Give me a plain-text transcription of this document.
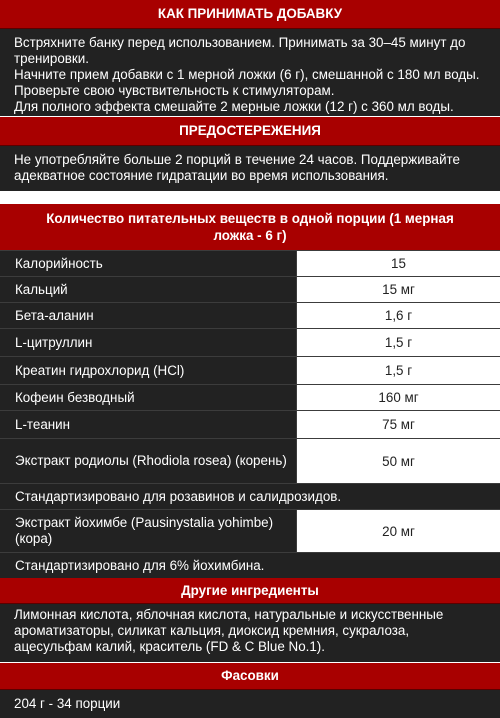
КАК ПРИНИМАТЬ ДОБАВКУ

Встряхните банку перед использованием. Принимать за 30–45 минут до тренировки.

Начните прием добавки с 1 мерной ложки (6 г), смешанной с 180 мл воды. Проверьте свою чувствительность к стимуляторам.

Для полного эффекта смешайте 2 мерные ложки (12 г) с 360 мл воды.

ПРЕДОСТЕРЕЖЕНИЯ

Не употребляйте больше 2 порций в течение 24 часов. Поддерживайте адекватное состояние гидратации во время использования.

Количество питательных веществ в одной порции (1 мерная ложка - 6 г)
Калорийность	15
Кальций	15 мг
Бета-аланин	1,6 г
L-цитруллин	1,5 г
Креатин гидрохлорид (HCl)	1,5 г
Кофеин безводный	160 мг
L-теанин	75 мг
Экстракт родиолы (Rhodiola rosea) (корень)	50 мг
Стандартизировано для розавинов и салидрозидов.
Экстракт йохимбе (Pausinystalia yohimbe) (кора)	20 мг
Стандартизировано для 6% йохимбина.
Другие ингредиенты

Лимонная кислота, яблочная кислота, натуральные и искусственные ароматизаторы, силикат кальция, диоксид кремния, сукралоза, ацесульфам калий, краситель (FD & C Blue No.1).

Фасовки

204 г - 34 порции
